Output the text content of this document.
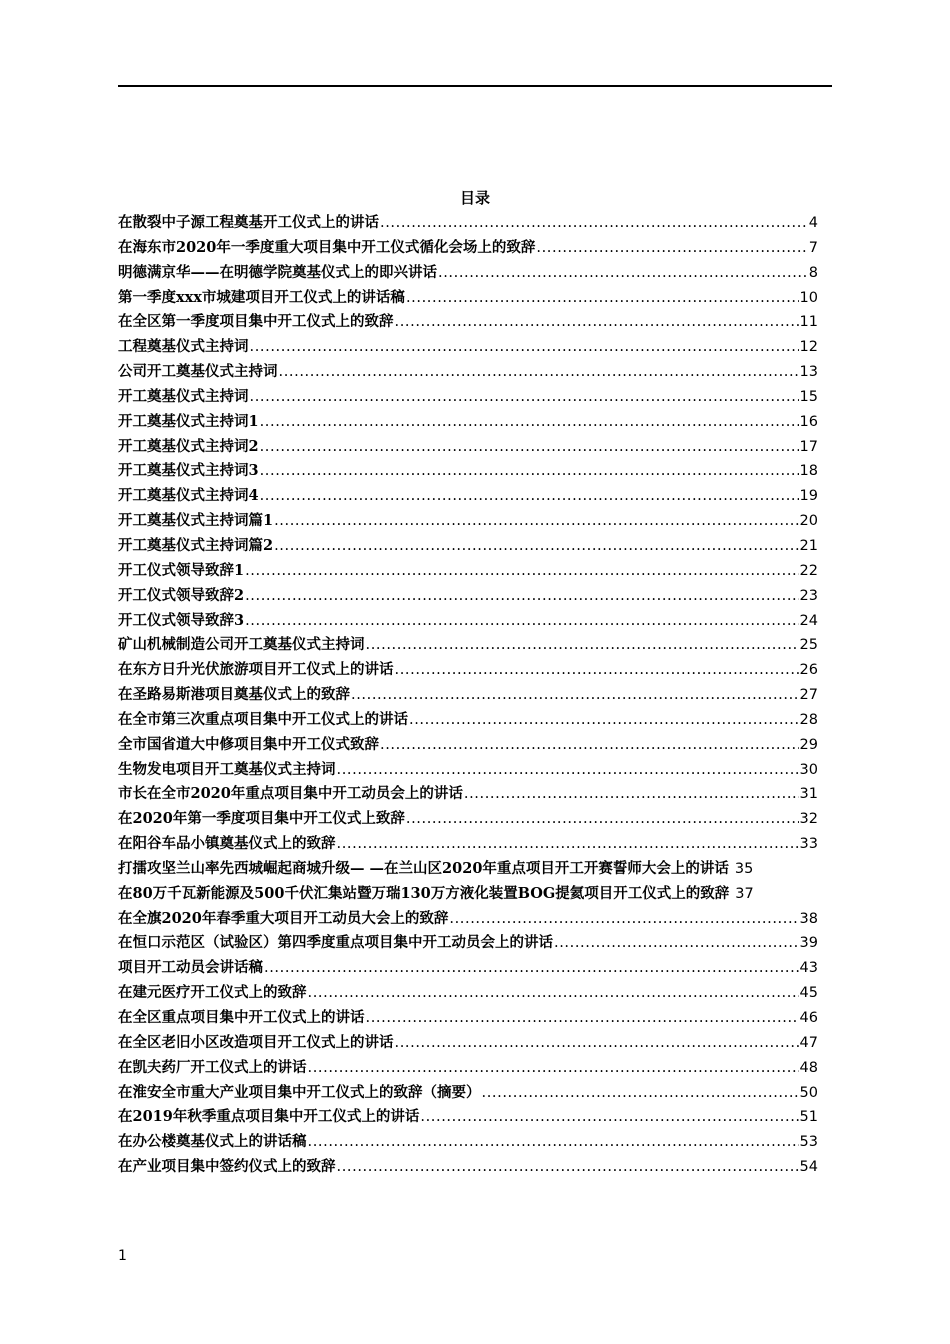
目录
在散裂中子源工程奠基开工仪式上的讲话 .....	4
在海东市2020年一季度重大项目集中开工仪式循化会场上的致辞 .....	7
明德满京华——在明德学院奠基仪式上的即兴讲话 .....	8
第一季度xxx市城建项目开工仪式上的讲话稿 .....	10
在全区第一季度项目集中开工仪式上的致辞 .....	11
工程奠基仪式主持词 .....	12
公司开工奠基仪式主持词 .....	13
开工奠基仪式主持词 .....	15
开工奠基仪式主持词1 .....	16
开工奠基仪式主持词2 .....	17
开工奠基仪式主持词3 .....	18
开工奠基仪式主持词4 .....	19
开工奠基仪式主持词篇1 .....	20
开工奠基仪式主持词篇2 .....	21
开工仪式领导致辞1 .....	22
开工仪式领导致辞2 .....	23
开工仪式领导致辞3 .....	24
矿山机械制造公司开工奠基仪式主持词 .....	25
在东方日升光伏旅游项目开工仪式上的讲话 .....	26
在圣路易斯港项目奠基仪式上的致辞 .....	27
在全市第三次重点项目集中开工仪式上的讲话 .....	28
全市国省道大中修项目集中开工仪式致辞 .....	29
生物发电项目开工奠基仪式主持词 .....	30
市长在全市2020年重点项目集中开工动员会上的讲话 .....	31
在2020年第一季度项目集中开工仪式上致辞 .....	32
在阳谷车品小镇奠基仪式上的致辞 .....	33
打擂攻坚兰山率先西城崛起商城升级— —在兰山区2020年重点项目开工开赛誓师大会上的讲话 35
在80万千瓦新能源及500千伏汇集站暨万瑞130万方液化装置BOG提氦项目开工仪式上的致辞 37
在全旗2020年春季重大项目开工动员大会上的致辞 .....	38
在恒口示范区（试验区）第四季度重点项目集中开工动员会上的讲话 .....	39
项目开工动员会讲话稿 .....	43
在建元医疗开工仪式上的致辞 .....	45
在全区重点项目集中开工仪式上的讲话 .....	46
在全区老旧小区改造项目开工仪式上的讲话 .....	47
在凯夫药厂开工仪式上的讲话 .....	48
在淮安全市重大产业项目集中开工仪式上的致辞（摘要） .....	50
在2019年秋季重点项目集中开工仪式上的讲话 .....	51
在办公楼奠基仪式上的讲话稿 .....	53
在产业项目集中签约仪式上的致辞 .....	54
1
